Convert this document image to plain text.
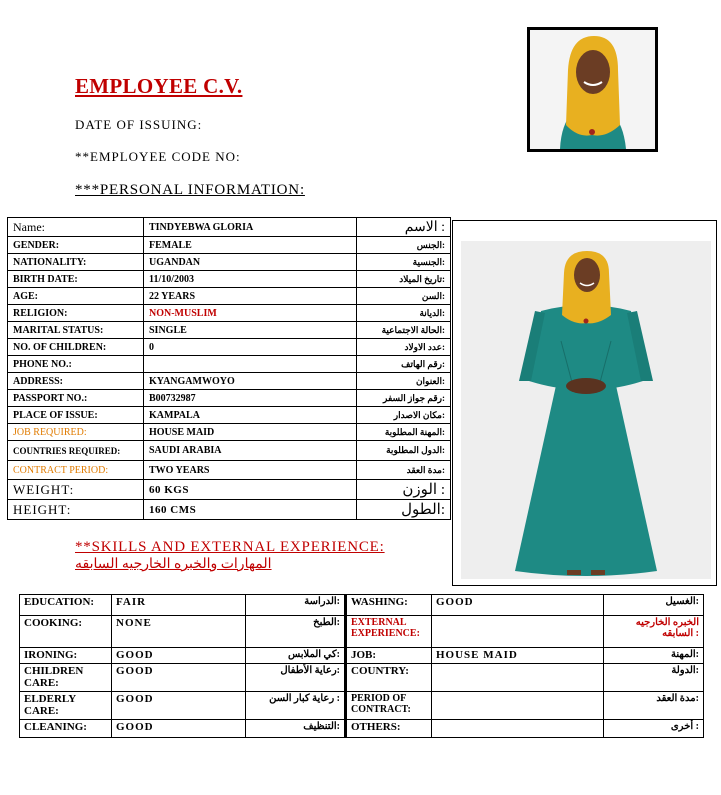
EMPLOYEE C.V.
DATE OF ISSUING:
**EMPLOYEE CODE NO:
***PERSONAL INFORMATION:
Name:	TINDYEBWA GLORIA	الاسم :
GENDER:	FEMALE	الجنس:
NATIONALITY:	UGANDAN	الجنسية:
BIRTH DATE:	11/10/2003	تاريخ الميلاد:
AGE:	22 YEARS	السن:
RELIGION:	NON-MUSLIM	الديانة:
MARITAL STATUS:	SINGLE	الحالة الاجتماعية:
NO. OF CHILDREN:	0	عدد الاولاد:
PHONE NO.:		رقم الهاتف:
ADDRESS:	KYANGAMWOYO	العنوان:
PASSPORT NO.:	B00732987	رقم جواز السفر:
PLACE OF ISSUE:	KAMPALA	مكان الاصدار:
JOB REQUIRED:	HOUSE MAID	المهنة المطلوبة:
COUNTRIES REQUIRED:	SAUDI ARABIA	الدول المطلوبة:
CONTRACT PERIOD:	TWO YEARS	مدة العقد:
WEIGHT:	60 KGS	الوزن :
HEIGHT:	160 CMS	الطول:
**SKILLS AND EXTERNAL EXPERIENCE:
المهارات والخبره الخارجيه السابقه
EDUCATION:	FAIR	الدراسة:	WASHING:	GOOD	الغسيل:
COOKING:	NONE	الطبخ:	EXTERNAL EXPERIENCE:		الخبره الخارجيه السابقه :
IRONING:	GOOD	كي الملابس:	JOB:	HOUSE MAID	المهنة:
CHILDREN CARE:	GOOD	رعاية الأطفال:	COUNTRY:		الدولة:
ELDERLY CARE:	GOOD	رعاية كبار السن :	PERIOD OF CONTRACT:		مدة العقد:
CLEANING:	GOOD	التنظيف:	OTHERS:		أخرى :
